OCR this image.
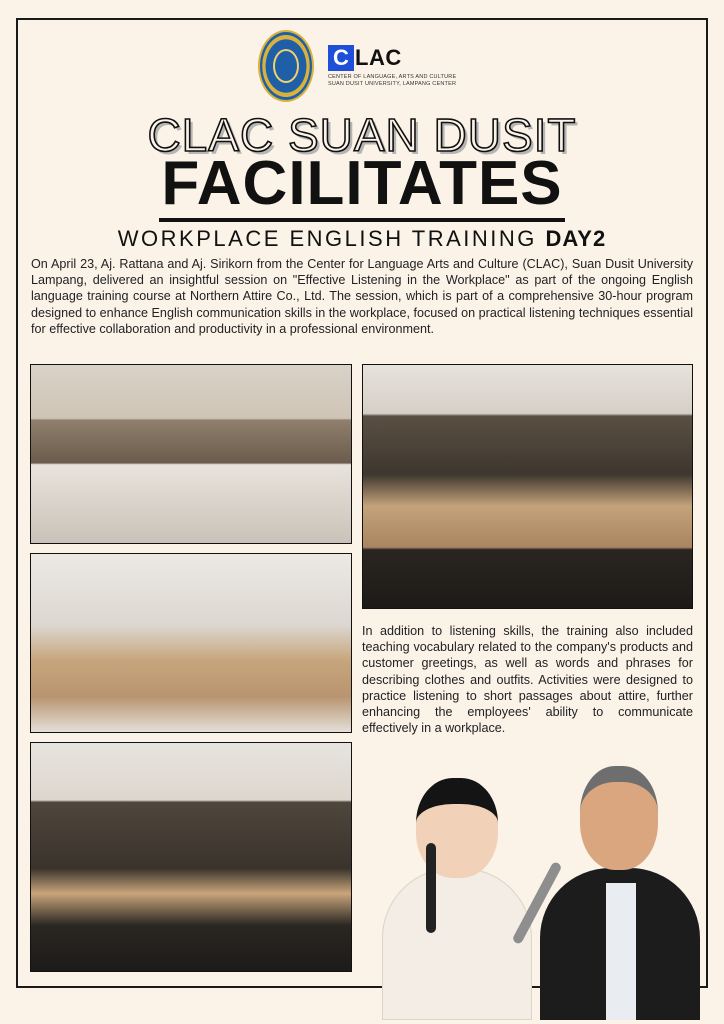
C LAC
CENTER OF LANGUAGE, ARTS AND CULTURE
SUAN DUSIT UNIVERSITY, LAMPANG CENTER
CLAC SUAN DUSIT
FACILITATES
WORKPLACE ENGLISH TRAINING DAY2

On April 23, Aj. Rattana and Aj. Sirikorn from the Center for Language Arts and Culture (CLAC), Suan Dusit University Lampang, delivered an insightful session on "Effective Listening in the Workplace" as part of the ongoing English language training course at Northern Attire Co., Ltd. The session, which is part of a comprehensive 30-hour program designed to enhance English communication skills in the workplace, focused on practical listening techniques essential for effective collaboration and productivity in a professional environment.

In addition to listening skills, the training also included teaching vocabulary related to the company's products and customer greetings, as well as words and phrases for describing clothes and outfits. Activities were designed to practice listening to short passages about attire, further enhancing the employees' ability to communicate effectively in a workplace.
